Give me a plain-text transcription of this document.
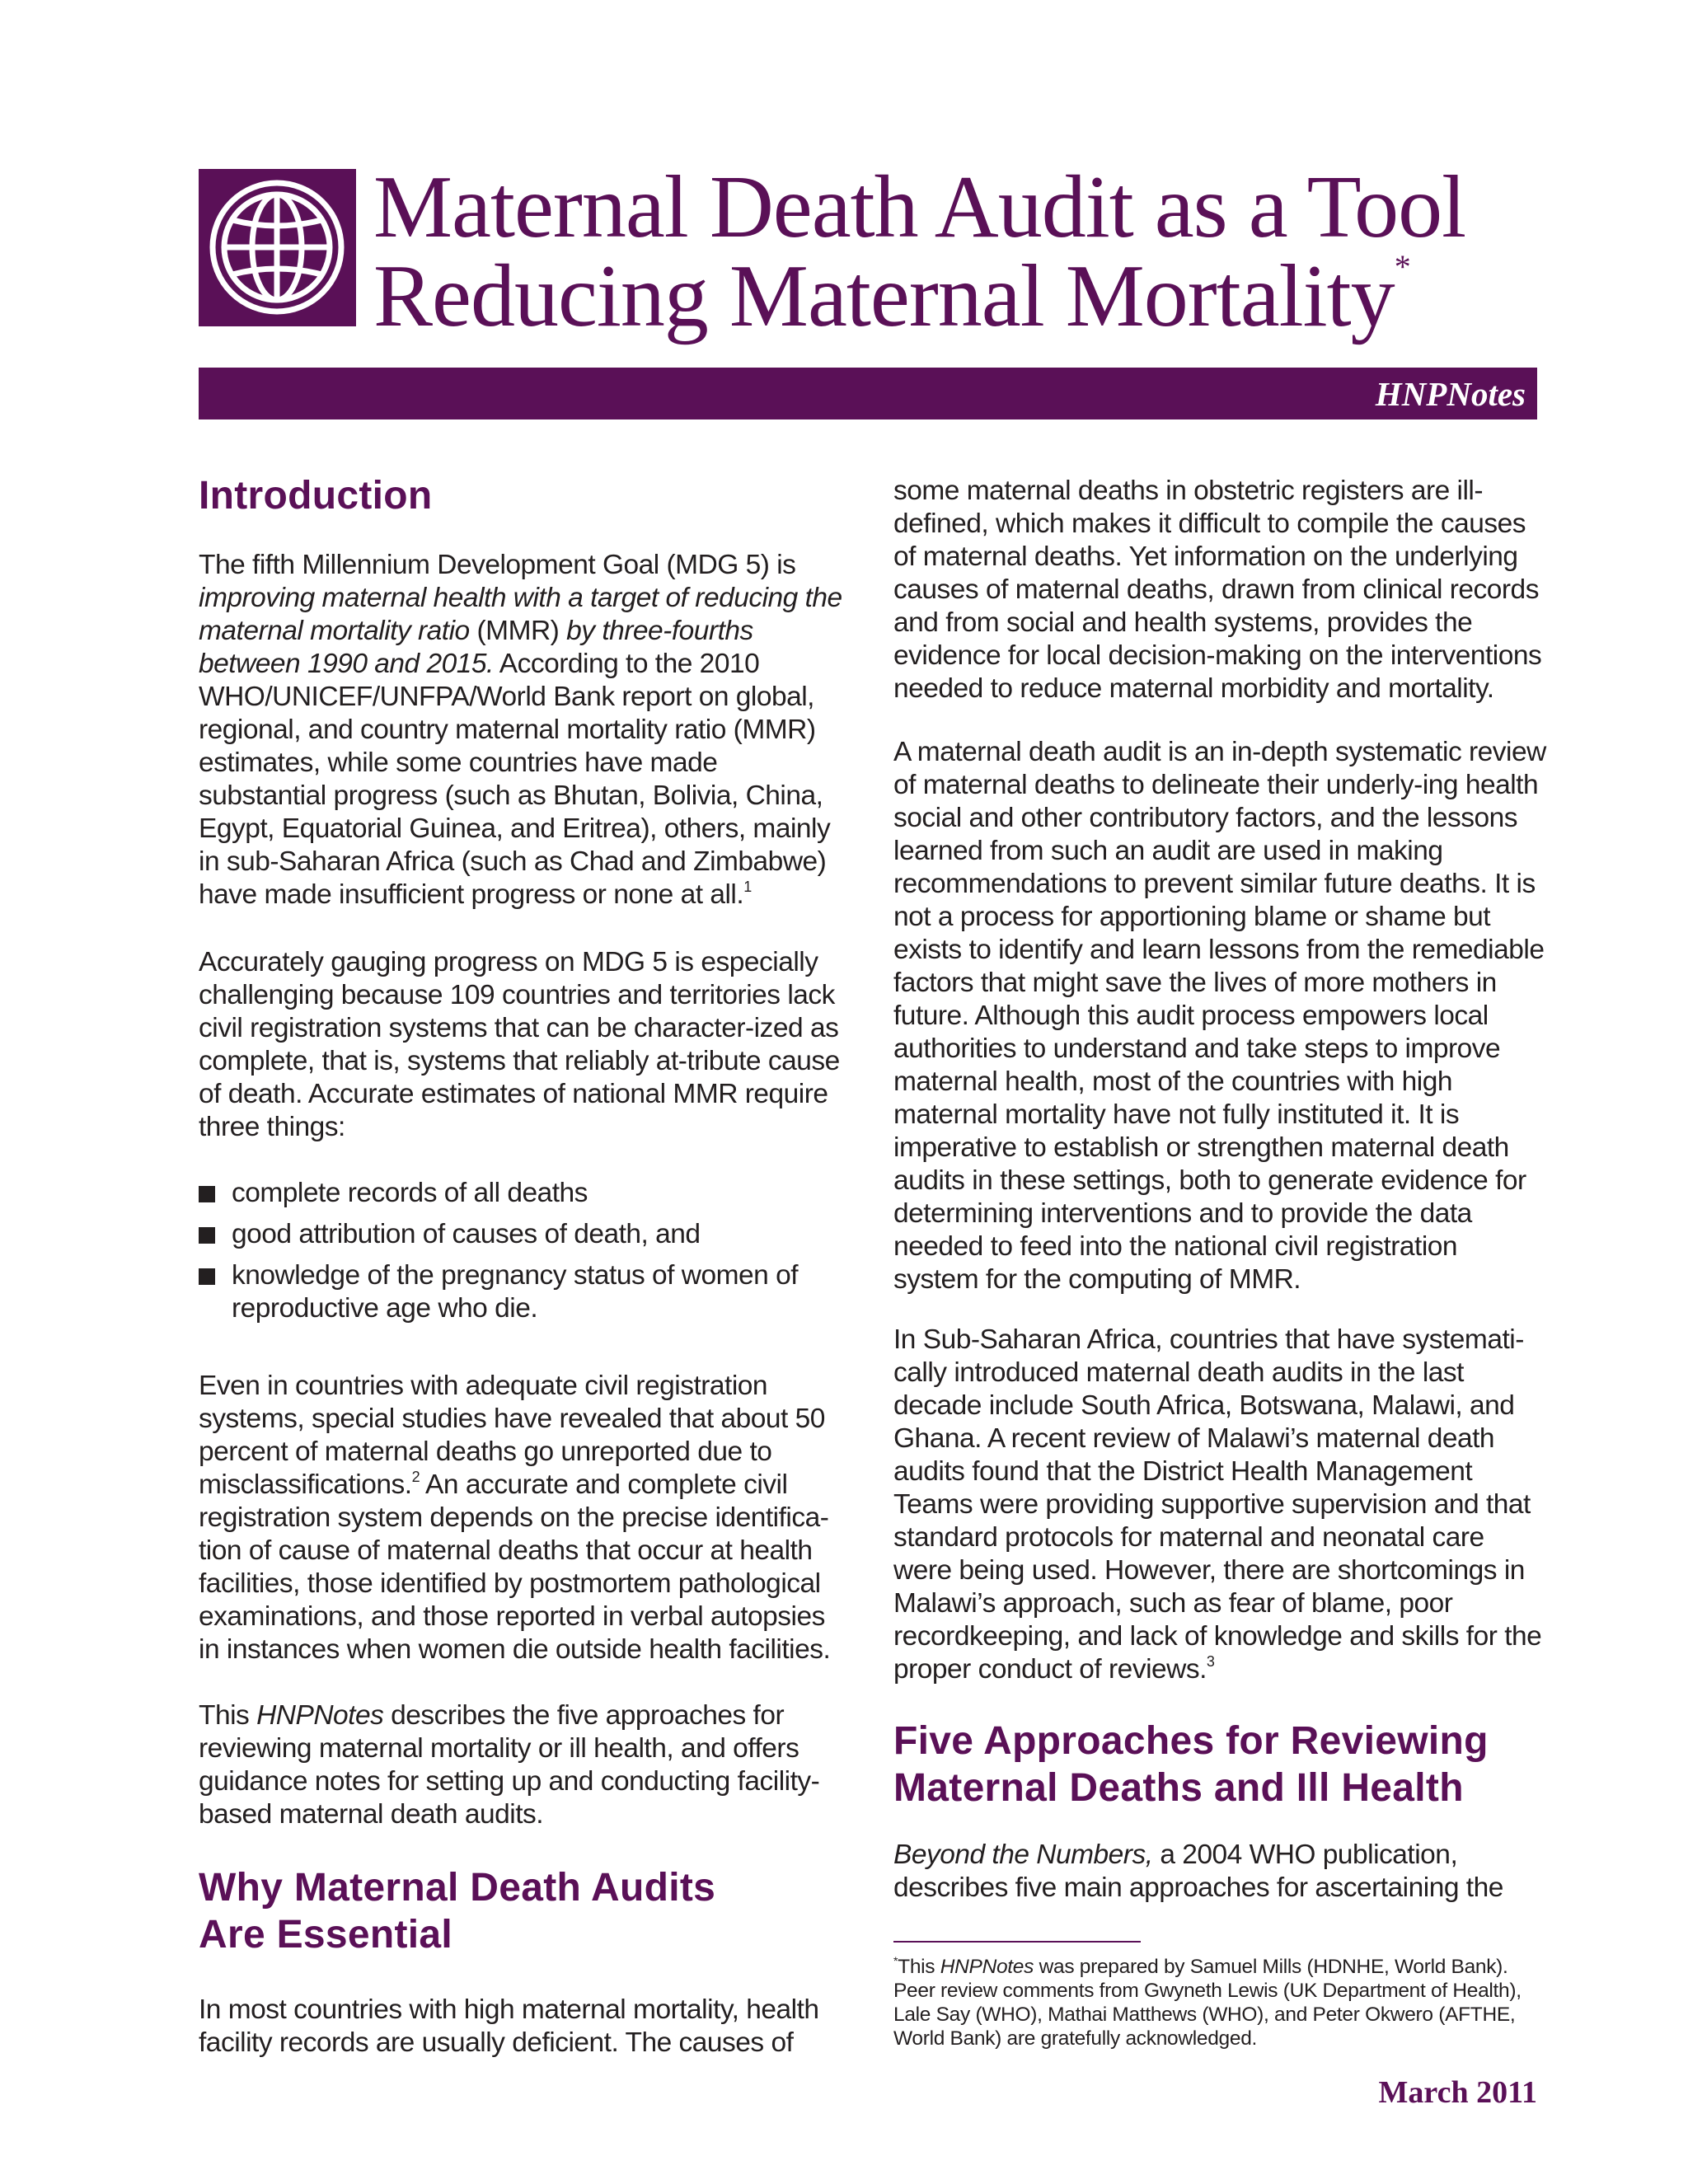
Maternal Death Audit as a Tool
Reducing Maternal Mortality*
HNPNotes
Introduction

The fifth Millennium Development Goal (MDG 5) is improving maternal health with a target of reducing the maternal mortality ratio (MMR) by three-fourths between 1990 and 2015. According to the 2010 WHO/UNICEF/UNFPA/World Bank report on global, regional, and country maternal mortality ratio (MMR) estimates, while some countries have made substantial progress (such as Bhutan, Bolivia, China, Egypt, Equatorial Guinea, and Eritrea), others, mainly in sub-Saharan Africa (such as Chad and Zimbabwe) have made insufficient progress or none at all.$^1$

Accurately gauging progress on MDG 5 is especially challenging because 109 countries and territories lack civil registration systems that can be character-ized as complete, that is, systems that reliably at-tribute cause of death. Accurate estimates of national MMR require three things:

complete records of all deaths
good attribution of causes of death, and
knowledge of the pregnancy status of women of reproductive age who die.

Even in countries with adequate civil registration systems, special studies have revealed that about 50 percent of maternal deaths go unreported due to misclassifications.$^2$ An accurate and complete civil registration system depends on the precise identifica-tion of cause of maternal deaths that occur at health facilities, those identified by postmortem pathological examinations, and those reported in verbal autopsies in instances when women die outside health facilities.

This HNPNotes describes the five approaches for reviewing maternal mortality or ill health, and offers guidance notes for setting up and conducting facility-based maternal death audits.

Why Maternal Death Audits
Are Essential

In most countries with high maternal mortality, health facility records are usually deficient. The causes of

some maternal deaths in obstetric registers are ill-defined, which makes it difficult to compile the causes of maternal deaths. Yet information on the underlying causes of maternal deaths, drawn from clinical records and from social and health systems, provides the evidence for local decision-making on the interventions needed to reduce maternal morbidity and mortality.

A maternal death audit is an in-depth systematic review of maternal deaths to delineate their underly-ing health social and other contributory factors, and the lessons learned from such an audit are used in making recommendations to prevent similar future deaths. It is not a process for apportioning blame or shame but exists to identify and learn lessons from the remediable factors that might save the lives of more mothers in future. Although this audit process empowers local authorities to understand and take steps to improve maternal health, most of the countries with high maternal mortality have not fully instituted it. It is imperative to establish or strengthen maternal death audits in these settings, both to generate evidence for determining interventions and to provide the data needed to feed into the national civil registration system for the computing of MMR.

In Sub-Saharan Africa, countries that have systemati-cally introduced maternal death audits in the last decade include South Africa, Botswana, Malawi, and Ghana. A recent review of Malawi’s maternal death audits found that the District Health Management Teams were providing supportive supervision and that standard protocols for maternal and neonatal care were being used. However, there are shortcomings in Malawi’s approach, such as fear of blame, poor recordkeeping, and lack of knowledge and skills for the proper conduct of reviews.$^3$

Five Approaches for Reviewing
Maternal Deaths and Ill Health

Beyond the Numbers, a 2004 WHO publication, describes five main approaches for ascertaining the

*This HNPNotes was prepared by Samuel Mills (HDNHE, World Bank). Peer review comments from Gwyneth Lewis (UK Department of Health), Lale Say (WHO), Mathai Matthews (WHO), and Peter Okwero (AFTHE, World Bank) are gratefully acknowledged.
March 2011
